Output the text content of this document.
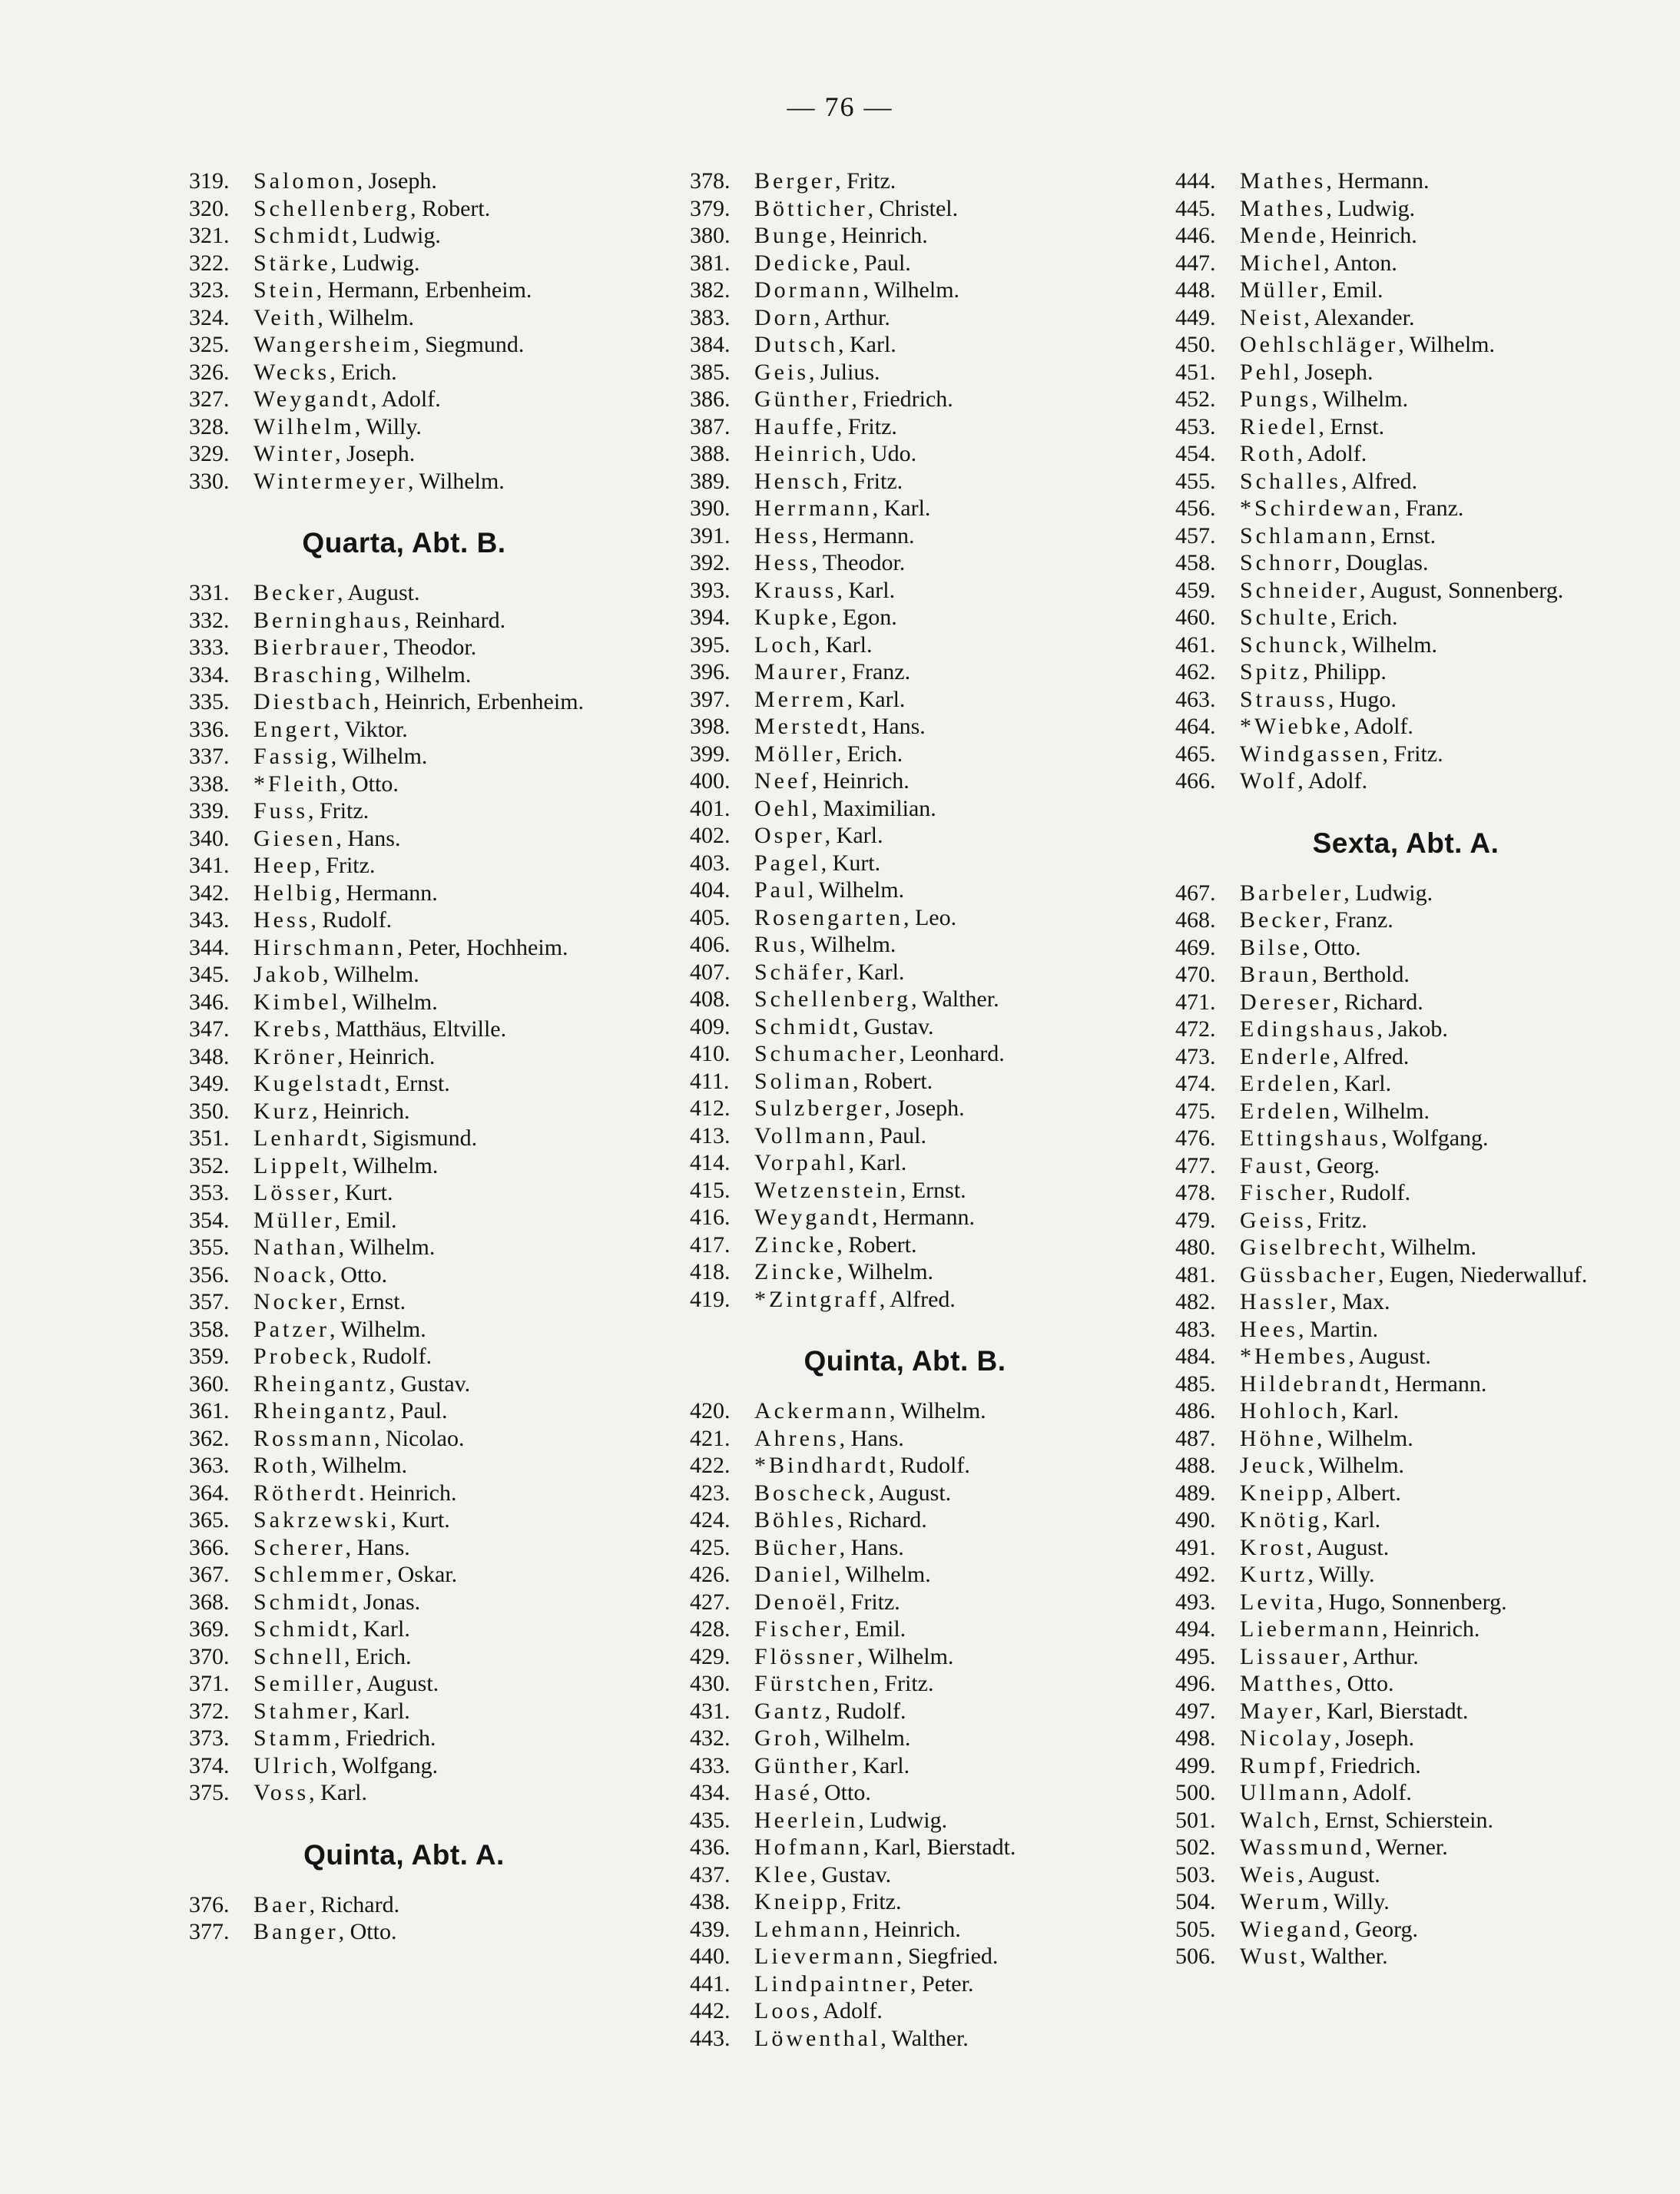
— 76 —
319.	Salomon, Joseph.
320.	Schellenberg, Robert.
321.	Schmidt, Ludwig.
322.	Stärke, Ludwig.
323.	Stein, Hermann, Erbenheim.
324.	Veith, Wilhelm.
325.	Wangersheim, Siegmund.
326.	Wecks, Erich.
327.	Weygandt, Adolf.
328.	Wilhelm, Willy.
329.	Winter, Joseph.
330.	Wintermeyer, Wilhelm.
Quarta, Abt. B.
331.	Becker, August.
332.	Berninghaus, Reinhard.
333.	Bierbrauer, Theodor.
334.	Brasching, Wilhelm.
335.	Diestbach, Heinrich, Erbenheim.
336.	Engert, Viktor.
337.	Fassig, Wilhelm.
338.	*Fleith, Otto.
339.	Fuss, Fritz.
340.	Giesen, Hans.
341.	Heep, Fritz.
342.	Helbig, Hermann.
343.	Hess, Rudolf.
344.	Hirschmann, Peter, Hochheim.
345.	Jakob, Wilhelm.
346.	Kimbel, Wilhelm.
347.	Krebs, Matthäus, Eltville.
348.	Kröner, Heinrich.
349.	Kugelstadt, Ernst.
350.	Kurz, Heinrich.
351.	Lenhardt, Sigismund.
352.	Lippelt, Wilhelm.
353.	Lösser, Kurt.
354.	Müller, Emil.
355.	Nathan, Wilhelm.
356.	Noack, Otto.
357.	Nocker, Ernst.
358.	Patzer, Wilhelm.
359.	Probeck, Rudolf.
360.	Rheingantz, Gustav.
361.	Rheingantz, Paul.
362.	Rossmann, Nicolao.
363.	Roth, Wilhelm.
364.	Rötherdt. Heinrich.
365.	Sakrzewski, Kurt.
366.	Scherer, Hans.
367.	Schlemmer, Oskar.
368.	Schmidt, Jonas.
369.	Schmidt, Karl.
370.	Schnell, Erich.
371.	Semiller, August.
372.	Stahmer, Karl.
373.	Stamm, Friedrich.
374.	Ulrich, Wolfgang.
375.	Voss, Karl.
Quinta, Abt. A.
376.	Baer, Richard.
377.	Banger, Otto.
378.	Berger, Fritz.
379.	Bötticher, Christel.
380.	Bunge, Heinrich.
381.	Dedicke, Paul.
382.	Dormann, Wilhelm.
383.	Dorn, Arthur.
384.	Dutsch, Karl.
385.	Geis, Julius.
386.	Günther, Friedrich.
387.	Hauffe, Fritz.
388.	Heinrich, Udo.
389.	Hensch, Fritz.
390.	Herrmann, Karl.
391.	Hess, Hermann.
392.	Hess, Theodor.
393.	Krauss, Karl.
394.	Kupke, Egon.
395.	Loch, Karl.
396.	Maurer, Franz.
397.	Merrem, Karl.
398.	Merstedt, Hans.
399.	Möller, Erich.
400.	Neef, Heinrich.
401.	Oehl, Maximilian.
402.	Osper, Karl.
403.	Pagel, Kurt.
404.	Paul, Wilhelm.
405.	Rosengarten, Leo.
406.	Rus, Wilhelm.
407.	Schäfer, Karl.
408.	Schellenberg, Walther.
409.	Schmidt, Gustav.
410.	Schumacher, Leonhard.
411.	Soliman, Robert.
412.	Sulzberger, Joseph.
413.	Vollmann, Paul.
414.	Vorpahl, Karl.
415.	Wetzenstein, Ernst.
416.	Weygandt, Hermann.
417.	Zincke, Robert.
418.	Zincke, Wilhelm.
419.	*Zintgraff, Alfred.
Quinta, Abt. B.
420.	Ackermann, Wilhelm.
421.	Ahrens, Hans.
422.	*Bindhardt, Rudolf.
423.	Boscheck, August.
424.	Böhles, Richard.
425.	Bücher, Hans.
426.	Daniel, Wilhelm.
427.	Denoël, Fritz.
428.	Fischer, Emil.
429.	Flössner, Wilhelm.
430.	Fürstchen, Fritz.
431.	Gantz, Rudolf.
432.	Groh, Wilhelm.
433.	Günther, Karl.
434.	Hasé, Otto.
435.	Heerlein, Ludwig.
436.	Hofmann, Karl, Bierstadt.
437.	Klee, Gustav.
438.	Kneipp, Fritz.
439.	Lehmann, Heinrich.
440.	Lievermann, Siegfried.
441.	Lindpaintner, Peter.
442.	Loos, Adolf.
443.	Löwenthal, Walther.
444.	Mathes, Hermann.
445.	Mathes, Ludwig.
446.	Mende, Heinrich.
447.	Michel, Anton.
448.	Müller, Emil.
449.	Neist, Alexander.
450.	Oehlschläger, Wilhelm.
451.	Pehl, Joseph.
452.	Pungs, Wilhelm.
453.	Riedel, Ernst.
454.	Roth, Adolf.
455.	Schalles, Alfred.
456.	*Schirdewan, Franz.
457.	Schlamann, Ernst.
458.	Schnorr, Douglas.
459.	Schneider, August, Sonnenberg.
460.	Schulte, Erich.
461.	Schunck, Wilhelm.
462.	Spitz, Philipp.
463.	Strauss, Hugo.
464.	*Wiebke, Adolf.
465.	Windgassen, Fritz.
466.	Wolf, Adolf.
Sexta, Abt. A.
467.	Barbeler, Ludwig.
468.	Becker, Franz.
469.	Bilse, Otto.
470.	Braun, Berthold.
471.	Dereser, Richard.
472.	Edingshaus, Jakob.
473.	Enderle, Alfred.
474.	Erdelen, Karl.
475.	Erdelen, Wilhelm.
476.	Ettingshaus, Wolfgang.
477.	Faust, Georg.
478.	Fischer, Rudolf.
479.	Geiss, Fritz.
480.	Giselbrecht, Wilhelm.
481.	Güssbacher, Eugen, Niederwalluf.
482.	Hassler, Max.
483.	Hees, Martin.
484.	*Hembes, August.
485.	Hildebrandt, Hermann.
486.	Hohloch, Karl.
487.	Höhne, Wilhelm.
488.	Jeuck, Wilhelm.
489.	Kneipp, Albert.
490.	Knötig, Karl.
491.	Krost, August.
492.	Kurtz, Willy.
493.	Levita, Hugo, Sonnenberg.
494.	Liebermann, Heinrich.
495.	Lissauer, Arthur.
496.	Matthes, Otto.
497.	Mayer, Karl, Bierstadt.
498.	Nicolay, Joseph.
499.	Rumpf, Friedrich.
500.	Ullmann, Adolf.
501.	Walch, Ernst, Schierstein.
502.	Wassmund, Werner.
503.	Weis, August.
504.	Werum, Willy.
505.	Wiegand, Georg.
506.	Wust, Walther.
